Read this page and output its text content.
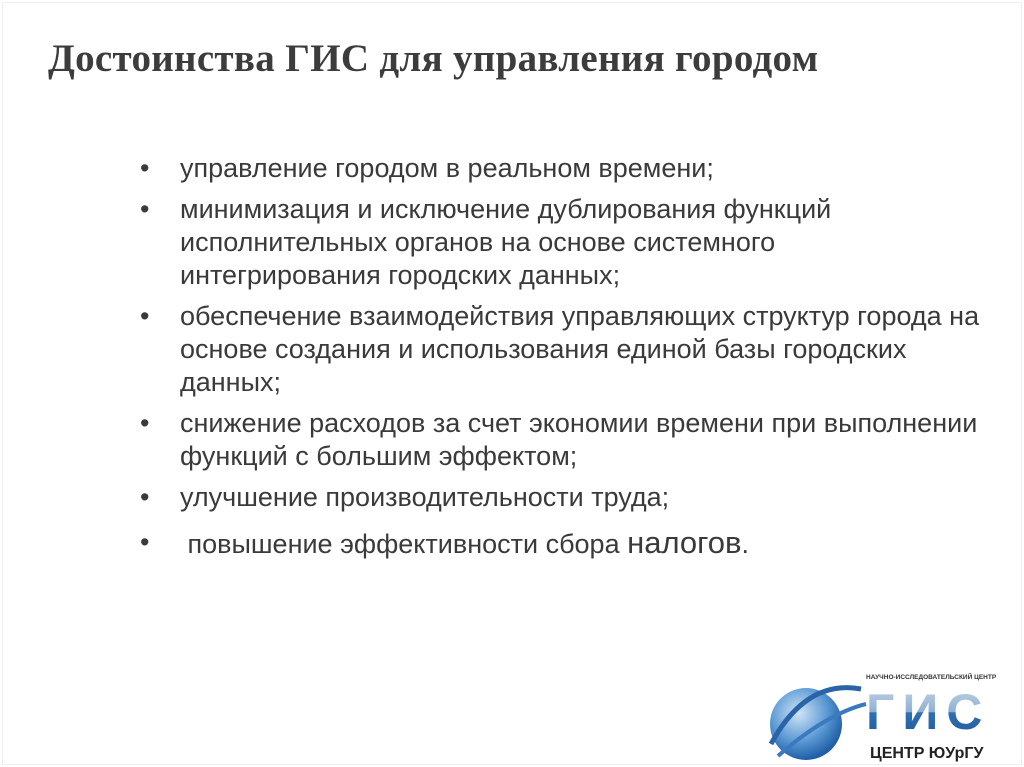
Достоинства ГИС для управления городом
• управление городом в реальном времени;
• минимизация и исключение дублирования функций исполнительных органов на основе системного интегрирования городских данных;
• обеспечение взаимодействия управляющих структур города на основе создания и использования единой базы городских данных;
• снижение расходов за счет экономии времени при выполнении функций с большим эффектом;
• улучшение производительности труда;
• повышение эффективности сбора налогов.
НАУЧНО-ИССЛЕДОВАТЕЛЬСКИЙ ЦЕНТР
ГИС
ЦЕНТР ЮУрГУ
